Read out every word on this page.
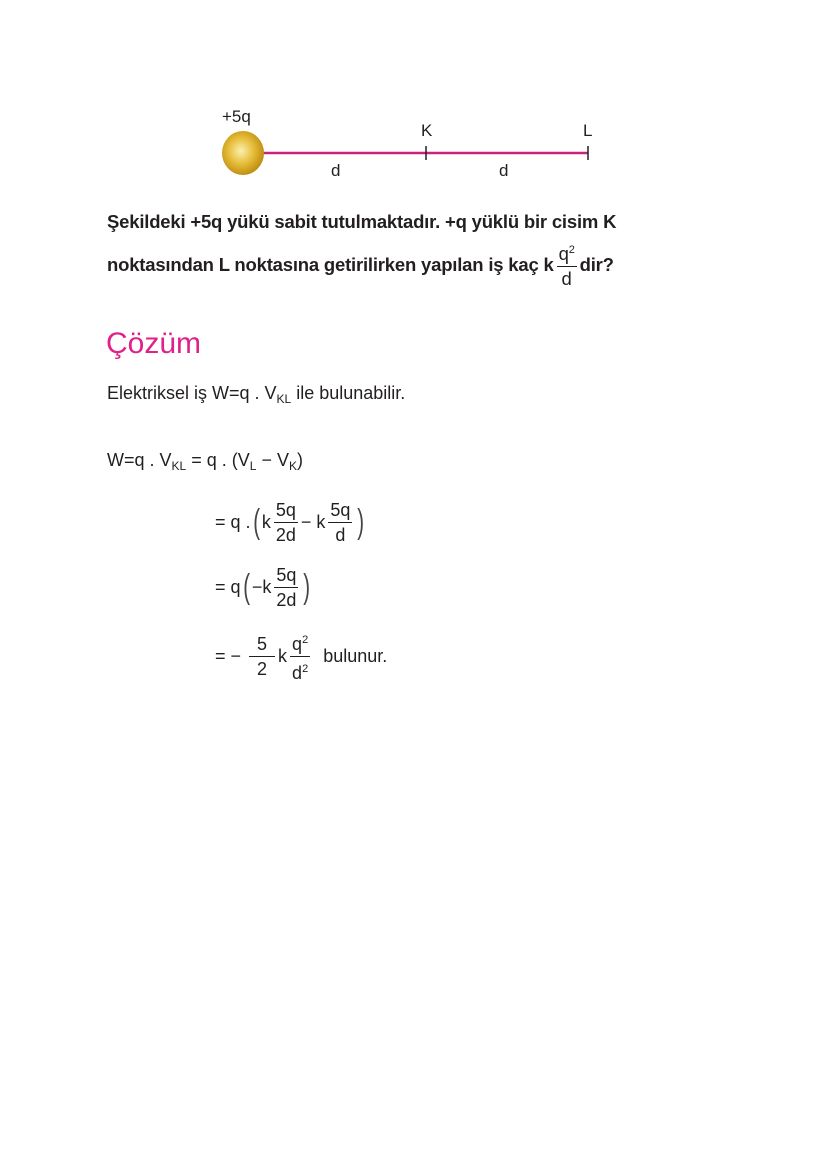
+5q
K	L
d	d
Şekildeki +5q yükü sabit tutulmaktadır. +q yüklü bir cisim K
noktasından L noktasına getirilirken yapılan iş kaç k $\frac{q^2}{d}$ dir?
Çözüm
Elektriksel iş W=q . $V_{KL}$ ile bulunabilir.
W=q . $V_{KL} = q$ . $(V_L - V_K)$
= q . ( k $\frac{5q}{2d}$ −
k $\frac{5q}{d}$ )
= q ( $-k \frac{5q}{2d}$ )
= − $\frac{5}{2}$ k $\frac{q^2}{d^2}$ bulunur.
